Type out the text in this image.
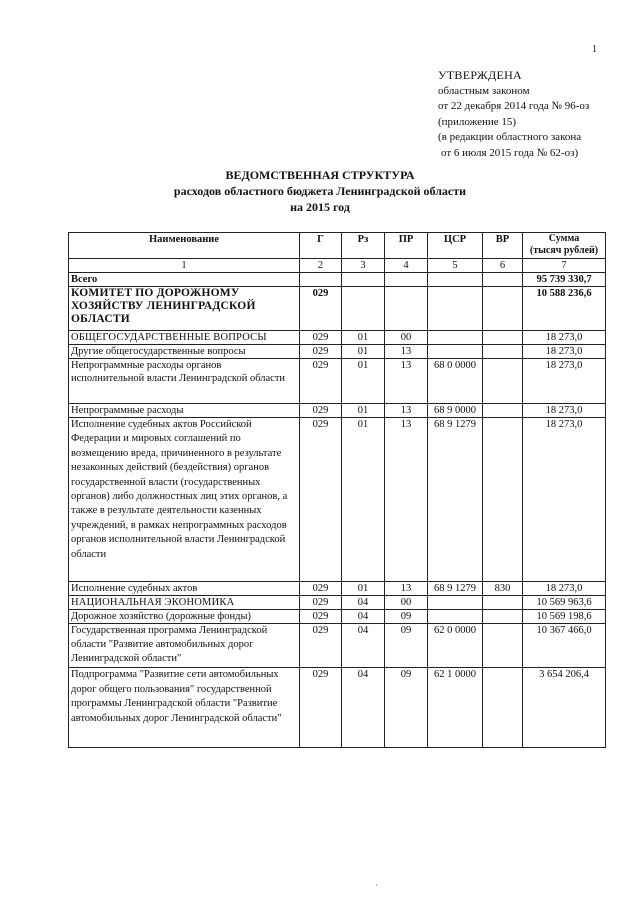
1
УТВЕРЖДЕНА
областным законом
от 22 декабря 2014 года № 96-оз
(приложение 15)
(в редакции областного закона
от 6 июля 2015 года № 62-оз)
ВЕДОМСТВЕННАЯ СТРУКТУРА
расходов областного бюджета Ленинградской области
на 2015 год
Наименование	Г	Pз	ПР	ЦСР	ВР	Сумма
(тысяч рублей)
1	2	3	4	5	6	7
Всего						95 739 330,7
КОМИТЕТ ПО ДОРОЖНОМУ ХОЗЯЙСТВУ ЛЕНИНГРАДСКОЙ ОБЛАСТИ	029					10 588 236,6
ОБЩЕГОСУДАРСТВЕННЫЕ ВОПРОСЫ	029	01	00			18 273,0
Другие общегосударственные вопросы	029	01	13			18 273,0
Непрограммные расходы органов исполнительной власти Ленинградской области	029	01	13	68 0 0000		18 273,0
Непрограммные расходы	029	01	13	68 9 0000		18 273,0
Исполнение судебных актов Российской Федерации и мировых соглашений по возмещению вреда, причиненного в результате незаконных действий (бездействия) органов государственной власти (государственных органов) либо должностных лиц этих органов, а также в результате деятельности казенных учреждений, в рамках непрограммных расходов органов исполнительной власти Ленинградской области	029	01	13	68 9 1279		18 273,0
Исполнение судебных актов	029	01	13	68 9 1279	830	18 273,0
НАЦИОНАЛЬНАЯ ЭКОНОМИКА	029	04	00			10 569 963,6
Дорожное хозяйство (дорожные фонды)	029	04	09			10 569 198,6
Государственная программа Ленинградской области "Развитие автомобильных дорог Ленинградской области"	029	04	09	62 0 0000		10 367 466,0
Подпрограмма "Развитие сети автомобильных дорог общего пользования" государственной программы Ленинградской области "Развитие автомобильных дорог Ленинградской области"	029	04	09	62 1 0000		3 654 206,4
·
